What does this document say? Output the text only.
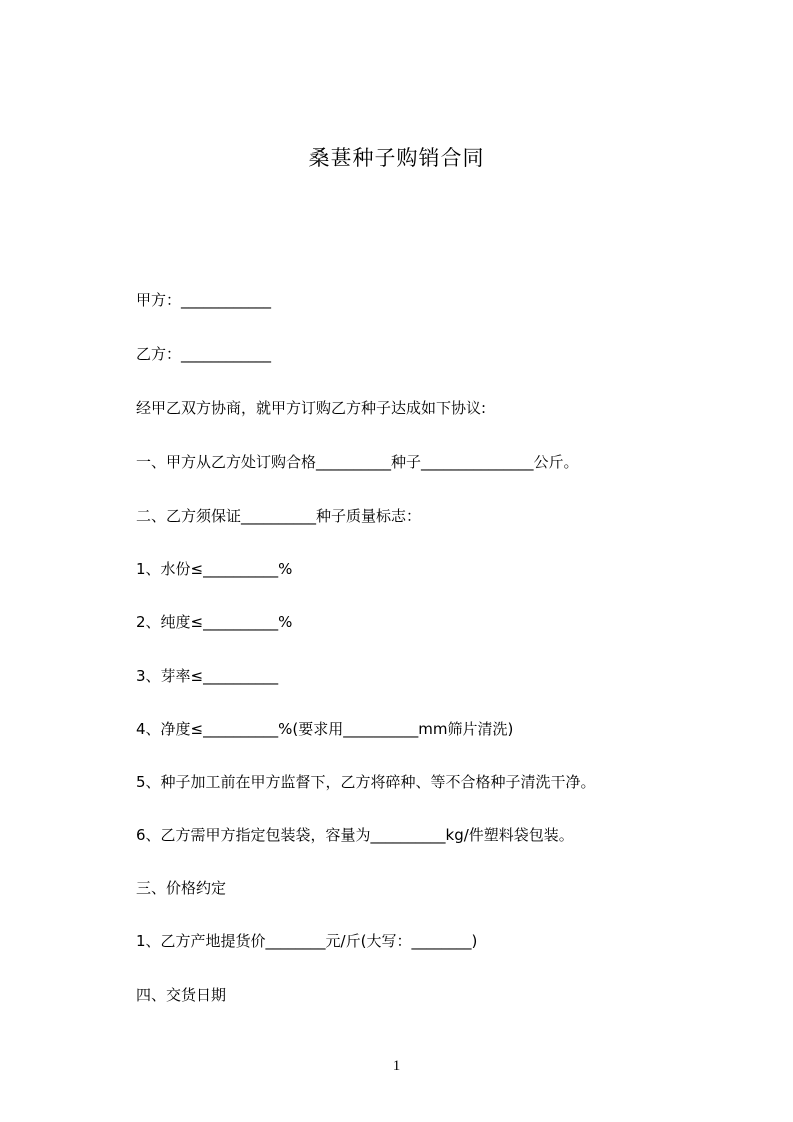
桑葚种子购销合同
甲方：____________
乙方：____________
经甲乙双方协商，就甲方订购乙方种子达成如下协议:
一、甲方从乙方处订购合格__________种子_______________公斤。
二、乙方须保证__________种子质量标志：
1、水份≤__________%
2、纯度≤__________%
3、芽率≤__________
4、净度≤__________%(要求用__________mm筛片清洗)
5、种子加工前在甲方监督下，乙方将碎种、等不合格种子清洗干净。
6、乙方需甲方指定包装袋，容量为__________kg/件塑料袋包装。
三、价格约定
1、乙方产地提货价________元/斤(大写：________)
四、交货日期
1
